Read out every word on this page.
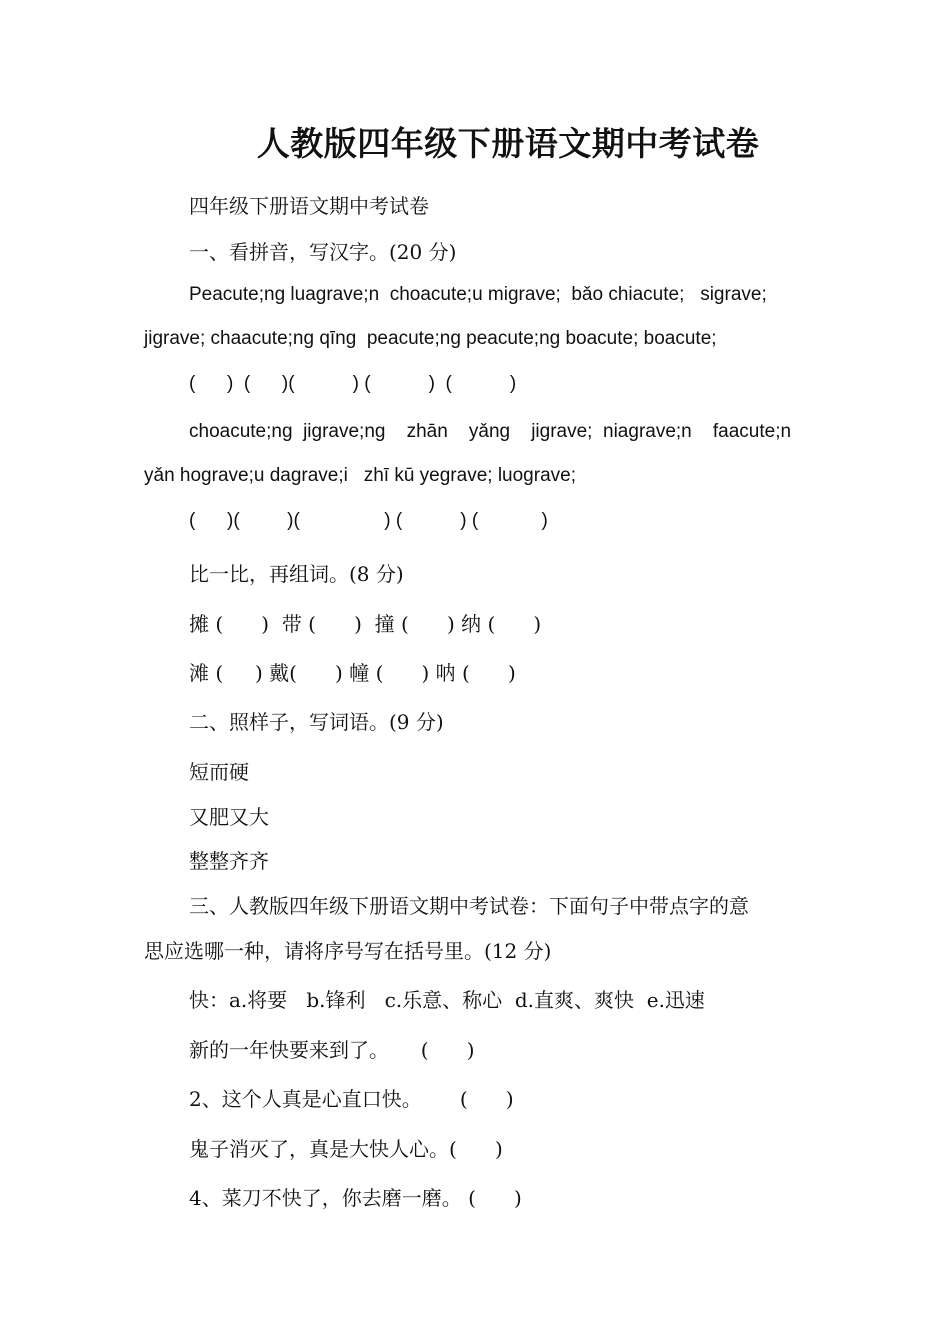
人教版四年级下册语文期中考试卷
四年级下册语文期中考试卷
一、看拼音，写汉字。(20 分)
Peacute;ng luagrave;n  choacute;u migrave;  bǎo chiacute;   sigrave;
jigrave; chaacute;ng qīng  peacute;ng peacute;ng boacute; boacute;
(      )  (      )(           ) (           )  (           )
choacute;ng  jigrave;ng    zhān    yǎng    jigrave;  niagrave;n    faacute;n
yǎn hograve;u dagrave;i   zhī kū yegrave; luograve;
(      )(         )(                ) (           ) (            )
比一比，再组词。(8 分)
摊 (      )  带 (      )  撞 (      ) 纳 (      )
滩 (     ) 戴(      ) 幢 (      ) 呐 (      )
二、照样子，写词语。(9 分)
短而硬
又肥又大
整整齐齐
三、人教版四年级下册语文期中考试卷：下面句子中带点字的意
思应选哪一种，请将序号写在括号里。(12 分)
快：a.将要   b.锋利   c.乐意、称心  d.直爽、爽快  e.迅速
新的一年快要来到了。     (      )
2、这个人真是心直口快。      (      )
鬼子消灭了，真是大快人心。(      )
4、菜刀不快了，你去磨一磨。 (      )
